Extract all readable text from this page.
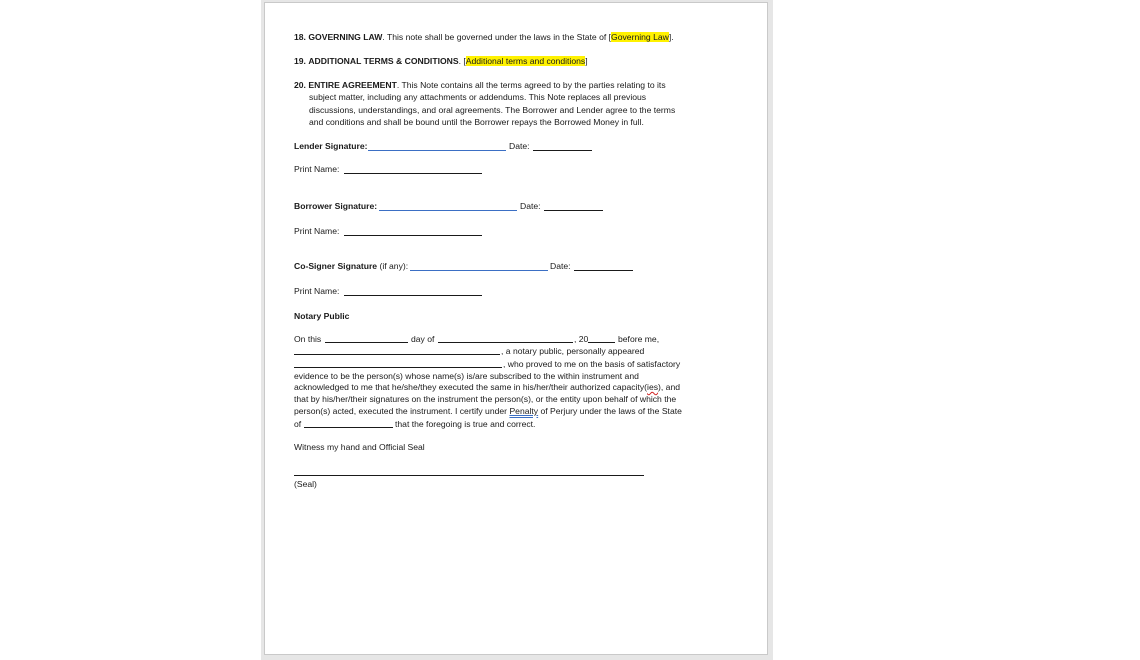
18. GOVERNING LAW. This note shall be governed under the laws in the State of [Governing Law].
19. ADDITIONAL TERMS & CONDITIONS. [Additional terms and conditions]
20. ENTIRE AGREEMENT. This Note contains all the terms agreed to by the parties relating to its
subject matter, including any attachments or addendums. This Note replaces all previous
discussions, understandings, and oral agreements. The Borrower and Lender agree to the terms
and conditions and shall be bound until the Borrower repays the Borrowed Money in full.
Lender Signature:	Date:
Print Name:
Borrower Signature:	Date:
Print Name:
Co-Signer Signature (if any):	Date:
Print Name:
Notary Public
On this	day of	, 20	before me,
, a notary public, personally appeared
, who proved to me on the basis of satisfactory
evidence to be the person(s) whose name(s) is/are subscribed to the within instrument and
acknowledged to me that he/she/they executed the same in his/her/their authorized capacity(ies), and
that by his/her/their signatures on the instrument the person(s), or the entity upon behalf of which the
person(s) acted, executed the instrument. I certify under Penalty of Perjury under the laws of the State
of	that the foregoing is true and correct.
Witness my hand and Official Seal
(Seal)
